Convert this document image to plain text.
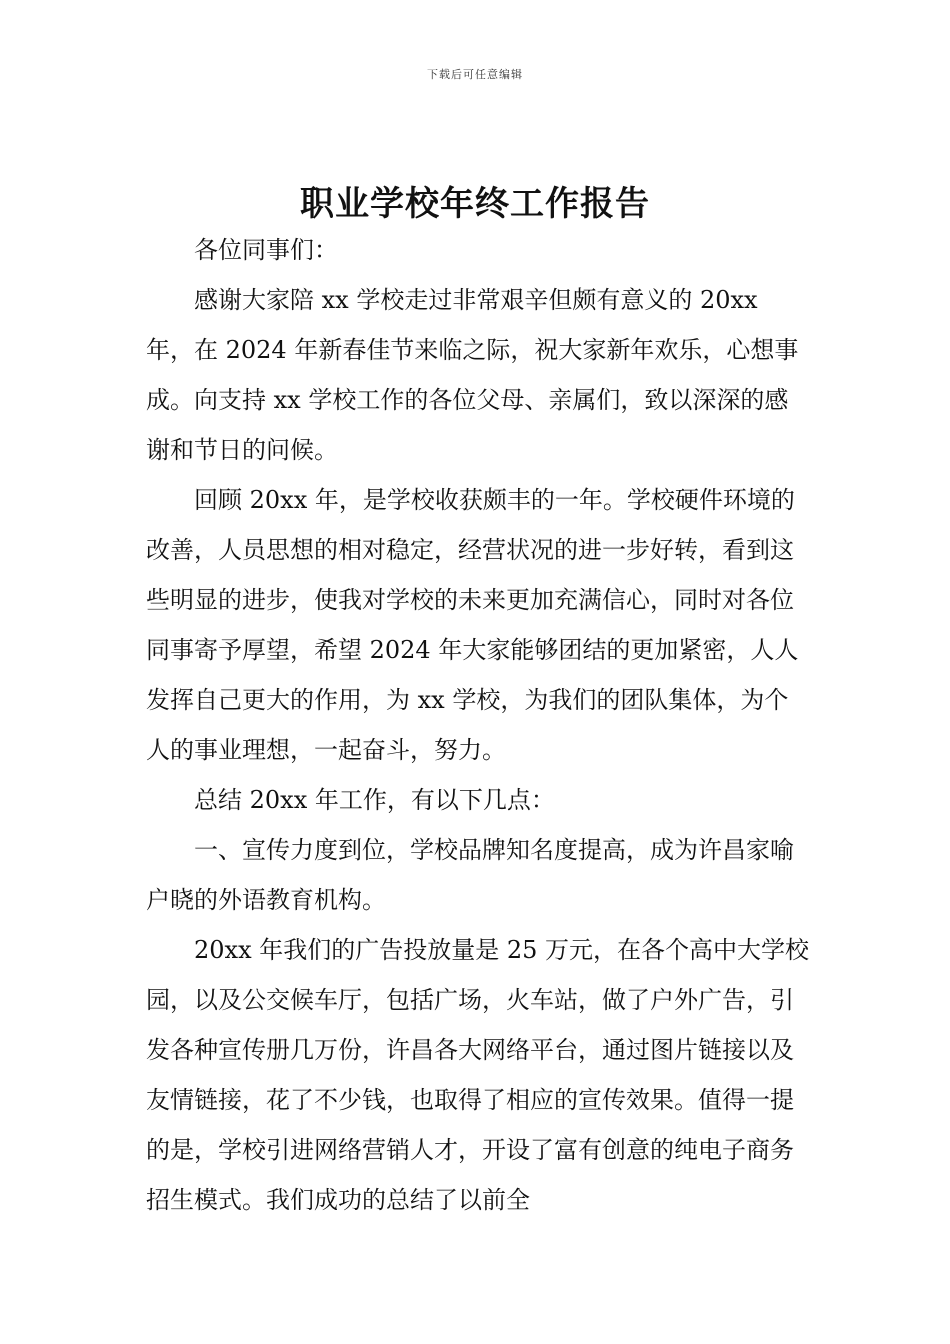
下载后可任意编辑
职业学校年终工作报告

各位同事们：

感谢大家陪 xx 学校走过非常艰辛但颇有意义的 20xx 年，在 2024 年新春佳节来临之际，祝大家新年欢乐，心想事成。向支持 xx 学校工作的各位父母、亲属们，致以深深的感谢和节日的问候。

回顾 20xx 年，是学校收获颇丰的一年。学校硬件环境的改善，人员思想的相对稳定，经营状况的进一步好转，看到这些明显的进步，使我对学校的未来更加充满信心，同时对各位同事寄予厚望，希望 2024 年大家能够团结的更加紧密，人人发挥自己更大的作用，为 xx 学校，为我们的团队集体，为个人的事业理想，一起奋斗，努力。

总结 20xx 年工作，有以下几点：

一、宣传力度到位，学校品牌知名度提高，成为许昌家喻户晓的外语教育机构。

20xx 年我们的广告投放量是 25 万元，在各个高中大学校园，以及公交候车厅，包括广场，火车站，做了户外广告，引发各种宣传册几万份，许昌各大网络平台，通过图片链接以及友情链接，花了不少钱，也取得了相应的宣传效果。值得一提的是，学校引进网络营销人才，开设了富有创意的纯电子商务招生模式。我们成功的总结了以前全
